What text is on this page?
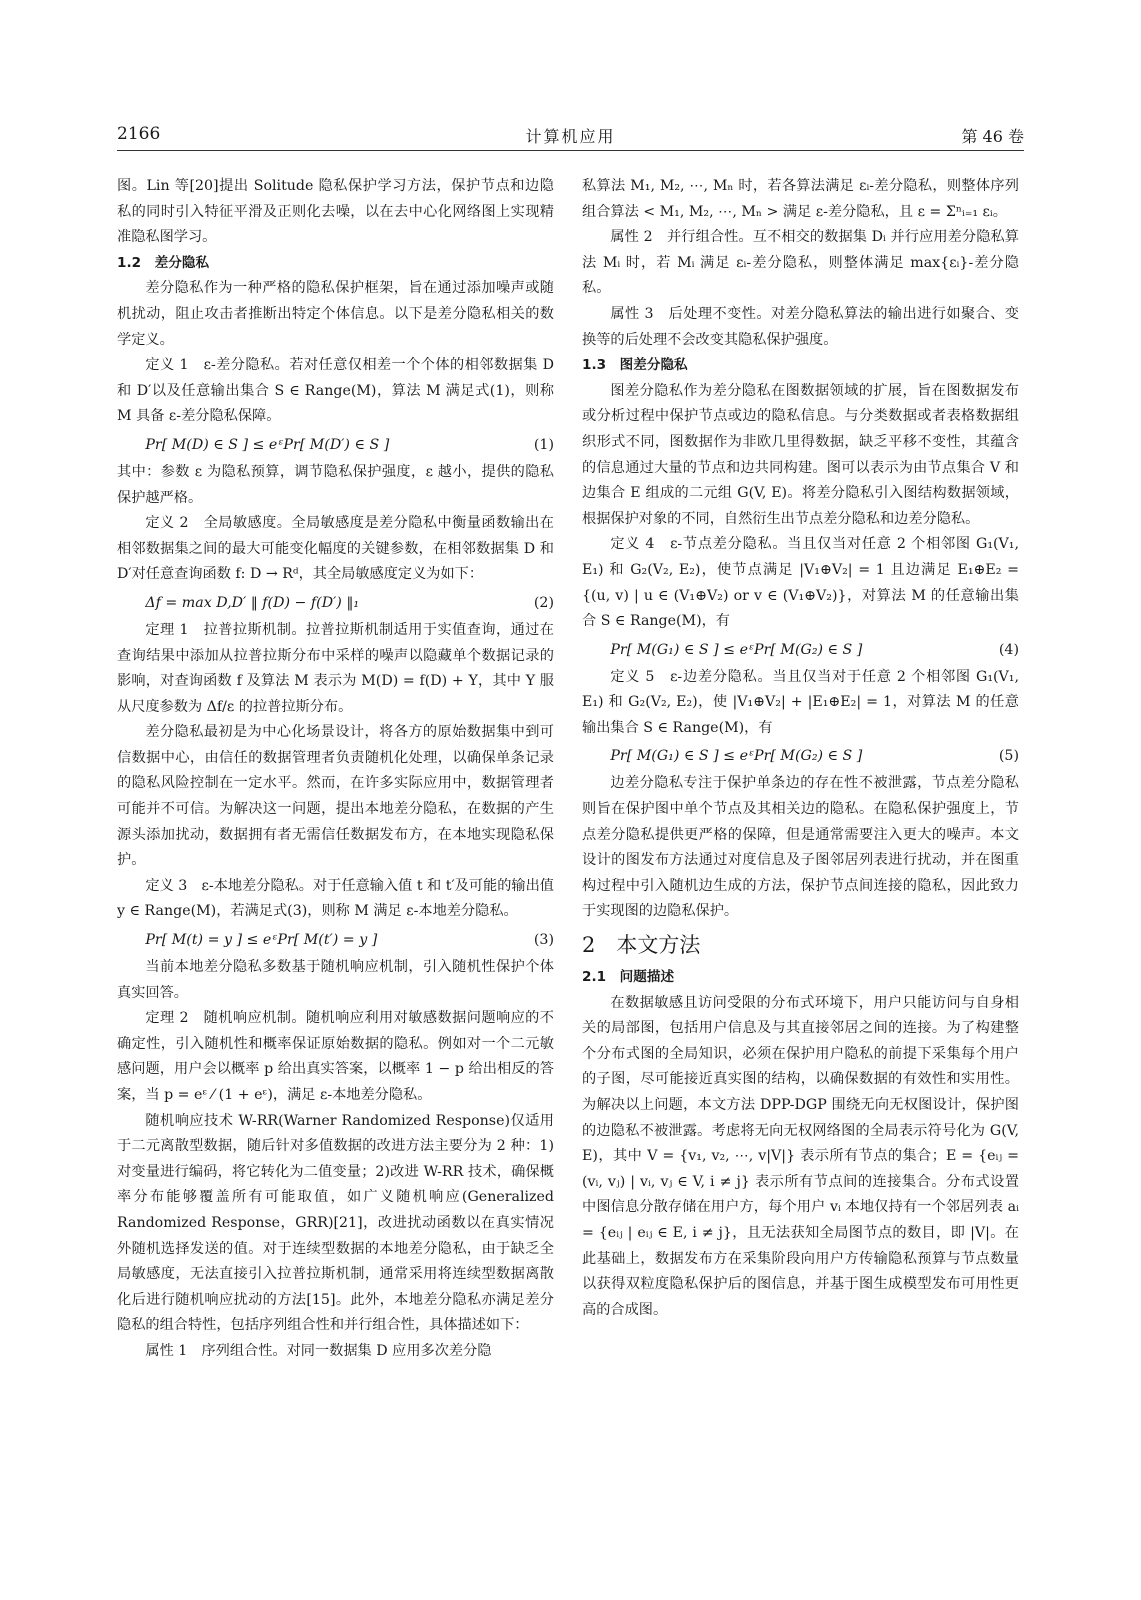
2166	计算机应用	第 46 卷

图。Lin 等[20]提出 Solitude 隐私保护学习方法，保护节点和边隐私的同时引入特征平滑及正则化去噪，以在去中心化网络图上实现精准隐私图学习。

1.2　差分隐私

差分隐私作为一种严格的隐私保护框架，旨在通过添加噪声或随机扰动，阻止攻击者推断出特定个体信息。以下是差分隐私相关的数学定义。

定义 1　ε-差分隐私。若对任意仅相差一个个体的相邻数据集 D 和 D′以及任意输出集合 S ∈ Range(M)，算法 M 满足式(1)，则称 M 具备 ε-差分隐私保障。

Pr[ M(D) ∈ S ] ≤ eᵋPr[ M(D′) ∈ S ]	(1)

其中：参数 ε 为隐私预算，调节隐私保护强度，ε 越小，提供的隐私保护越严格。

定义 2　全局敏感度。全局敏感度是差分隐私中衡量函数输出在相邻数据集之间的最大可能变化幅度的关键参数，在相邻数据集 D 和 D′对任意查询函数 f: D → Rᵈ，其全局敏感度定义为如下：

Δf = max D,D′ ‖ f(D) − f(D′) ‖₁	(2)

定理 1　拉普拉斯机制。拉普拉斯机制适用于实值查询，通过在查询结果中添加从拉普拉斯分布中采样的噪声以隐藏单个数据记录的影响，对查询函数 f 及算法 M 表示为 M(D) = f(D) + Y，其中 Y 服从尺度参数为 Δf/ε 的拉普拉斯分布。

差分隐私最初是为中心化场景设计，将各方的原始数据集中到可信数据中心，由信任的数据管理者负责随机化处理，以确保单条记录的隐私风险控制在一定水平。然而，在许多实际应用中，数据管理者可能并不可信。为解决这一问题，提出本地差分隐私，在数据的产生源头添加扰动，数据拥有者无需信任数据发布方，在本地实现隐私保护。

定义 3　ε-本地差分隐私。对于任意输入值 t 和 t′及可能的输出值 y ∈ Range(M)，若满足式(3)，则称 M 满足 ε-本地差分隐私。

Pr[ M(t) = y ] ≤ eᵋPr[ M(t′) = y ]	(3)

当前本地差分隐私多数基于随机响应机制，引入随机性保护个体真实回答。

定理 2　随机响应机制。随机响应利用对敏感数据问题响应的不确定性，引入随机性和概率保证原始数据的隐私。例如对一个二元敏感问题，用户会以概率 p 给出真实答案，以概率 1 − p 给出相反的答案，当 p = eᵋ ⁄ (1 + eᵋ)，满足 ε-本地差分隐私。

随机响应技术 W-RR(Warner Randomized Response)仅适用于二元离散型数据，随后针对多值数据的改进方法主要分为 2 种：1)对变量进行编码，将它转化为二值变量；2)改进 W-RR 技术，确保概率分布能够覆盖所有可能取值，如广义随机响应(Generalized Randomized Response，GRR)[21]，改进扰动函数以在真实情况外随机选择发送的值。对于连续型数据的本地差分隐私，由于缺乏全局敏感度，无法直接引入拉普拉斯机制，通常采用将连续型数据离散化后进行随机响应扰动的方法[15]。此外，本地差分隐私亦满足差分隐私的组合特性，包括序列组合性和并行组合性，具体描述如下：

属性 1　序列组合性。对同一数据集 D 应用多次差分隐

私算法 M₁, M₂, ⋯, Mₙ 时，若各算法满足 εᵢ-差分隐私，则整体序列组合算法 < M₁, M₂, ⋯, Mₙ > 满足 ε-差分隐私，且 ε = Σⁿᵢ₌₁ εᵢ。

属性 2　并行组合性。互不相交的数据集 Dᵢ 并行应用差分隐私算法 Mᵢ 时，若 Mᵢ 满足 εᵢ-差分隐私，则整体满足 max{εᵢ}-差分隐私。

属性 3　后处理不变性。对差分隐私算法的输出进行如聚合、变换等的后处理不会改变其隐私保护强度。

1.3　图差分隐私

图差分隐私作为差分隐私在图数据领域的扩展，旨在图数据发布或分析过程中保护节点或边的隐私信息。与分类数据或者表格数据组织形式不同，图数据作为非欧几里得数据，缺乏平移不变性，其蕴含的信息通过大量的节点和边共同构建。图可以表示为由节点集合 V 和边集合 E 组成的二元组 G(V, E)。将差分隐私引入图结构数据领域，根据保护对象的不同，自然衍生出节点差分隐私和边差分隐私。

定义 4　ε-节点差分隐私。当且仅当对任意 2 个相邻图 G₁(V₁, E₁) 和 G₂(V₂, E₂)，使节点满足 |V₁⊕V₂| = 1 且边满足 E₁⊕E₂ = {(u, v) | u ∈ (V₁⊕V₂) or v ∈ (V₁⊕V₂)}，对算法 M 的任意输出集合 S ∈ Range(M)，有

Pr[ M(G₁) ∈ S ] ≤ eᵋPr[ M(G₂) ∈ S ]	(4)

定义 5　ε-边差分隐私。当且仅当对于任意 2 个相邻图 G₁(V₁, E₁) 和 G₂(V₂, E₂)，使 |V₁⊕V₂| + |E₁⊕E₂| = 1，对算法 M 的任意输出集合 S ∈ Range(M)，有

Pr[ M(G₁) ∈ S ] ≤ eᵋPr[ M(G₂) ∈ S ]	(5)

边差分隐私专注于保护单条边的存在性不被泄露，节点差分隐私则旨在保护图中单个节点及其相关边的隐私。在隐私保护强度上，节点差分隐私提供更严格的保障，但是通常需要注入更大的噪声。本文设计的图发布方法通过对度信息及子图邻居列表进行扰动，并在图重构过程中引入随机边生成的方法，保护节点间连接的隐私，因此致力于实现图的边隐私保护。

2　本文方法

2.1　问题描述

在数据敏感且访问受限的分布式环境下，用户只能访问与自身相关的局部图，包括用户信息及与其直接邻居之间的连接。为了构建整个分布式图的全局知识，必须在保护用户隐私的前提下采集每个用户的子图，尽可能接近真实图的结构，以确保数据的有效性和实用性。为解决以上问题，本文方法 DPP-DGP 围绕无向无权图设计，保护图的边隐私不被泄露。考虑将无向无权网络图的全局表示符号化为 G(V, E)，其中 V = {v₁, v₂, ⋯, v|V|} 表示所有节点的集合；E = {eᵢⱼ = (vᵢ, vⱼ) | vᵢ, vⱼ ∈ V, i ≠ j} 表示所有节点间的连接集合。分布式设置中图信息分散存储在用户方，每个用户 vᵢ 本地仅持有一个邻居列表 aᵢ = {eᵢⱼ | eᵢⱼ ∈ E, i ≠ j}，且无法获知全局图节点的数目，即 |V|。在此基础上，数据发布方在采集阶段向用户方传输隐私预算与节点数量以获得双粒度隐私保护后的图信息，并基于图生成模型发布可用性更高的合成图。
